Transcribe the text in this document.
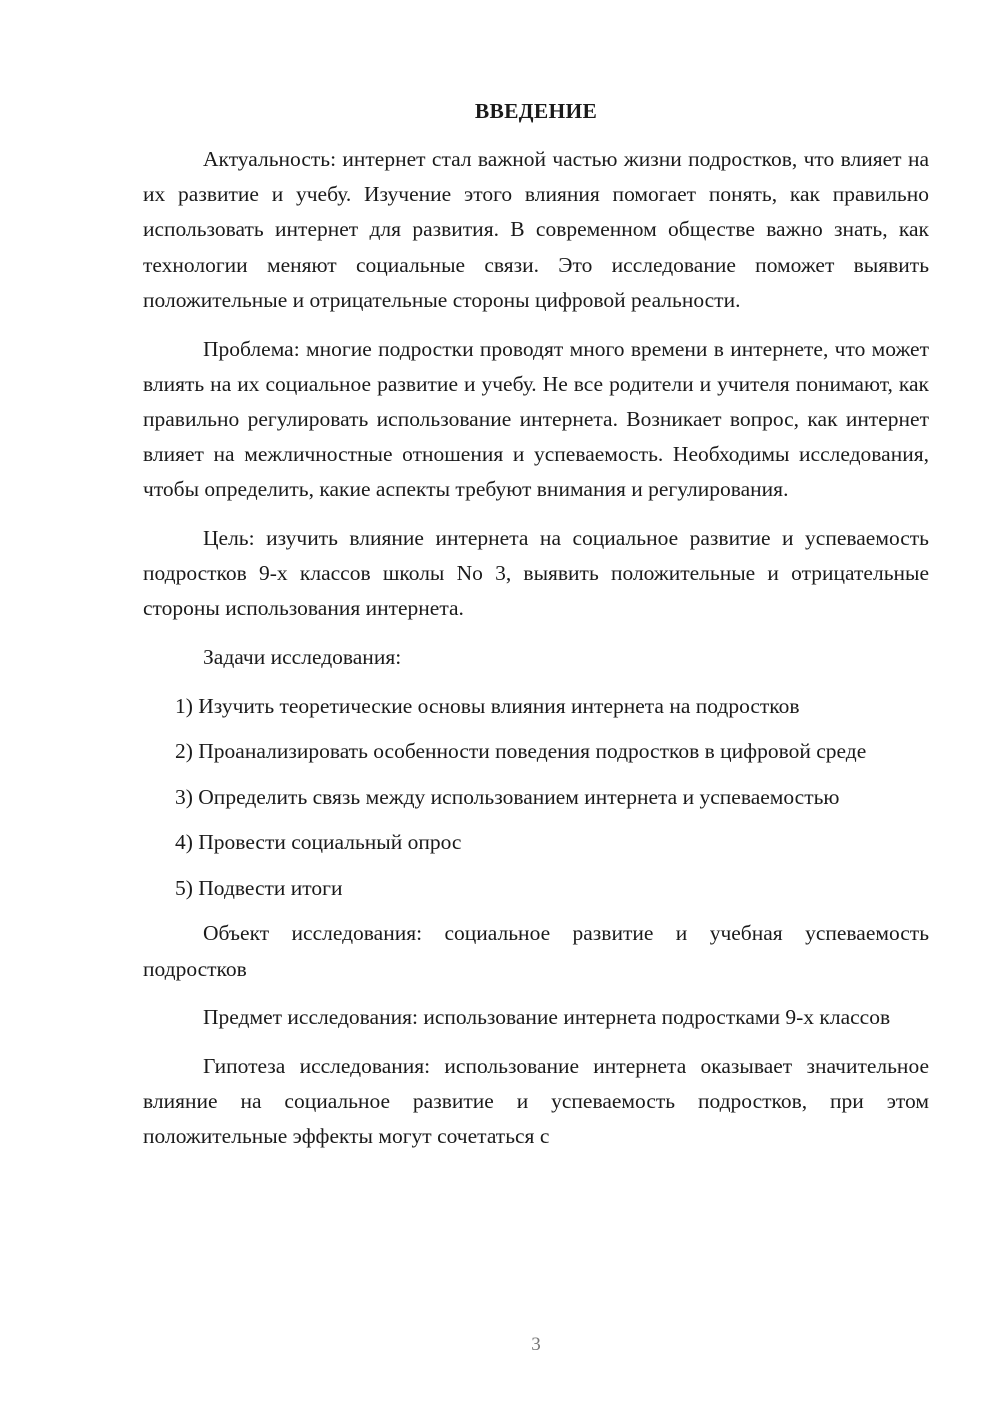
ВВЕДЕНИЕ

Актуальность: интернет стал важной частью жизни подростков, что влияет на их развитие и учебу. Изучение этого влияния помогает понять, как правильно использовать интернет для развития. В современном обществе важно знать, как технологии меняют социальные связи. Это исследование поможет выявить положительные и отрицательные стороны цифровой реальности.

Проблема: многие подростки проводят много времени в интернете, что может влиять на их социальное развитие и учебу. Не все родители и учителя понимают, как правильно регулировать использование интернета. Возникает вопрос, как интернет влияет на межличностные отношения и успеваемость. Необходимы исследования, чтобы определить, какие аспекты требуют внимания и регулирования.

Цель: изучить влияние интернета на социальное развитие и успеваемость подростков 9-х классов школы No 3, выявить положительные и отрицательные стороны использования интернета.

Задачи исследования:

1) Изучить теоретические основы влияния интернета на подростков

2) Проанализировать особенности поведения подростков в цифровой среде

3) Определить связь между использованием интернета и успеваемостью

4) Провести социальный опрос

5) Подвести итоги

Объект исследования: социальное развитие и учебная успеваемость подростков

Предмет исследования: использование интернета подростками 9-х классов

Гипотеза исследования: использование интернета оказывает значительное влияние на социальное развитие и успеваемость подростков, при этом положительные эффекты могут сочетаться с

3
